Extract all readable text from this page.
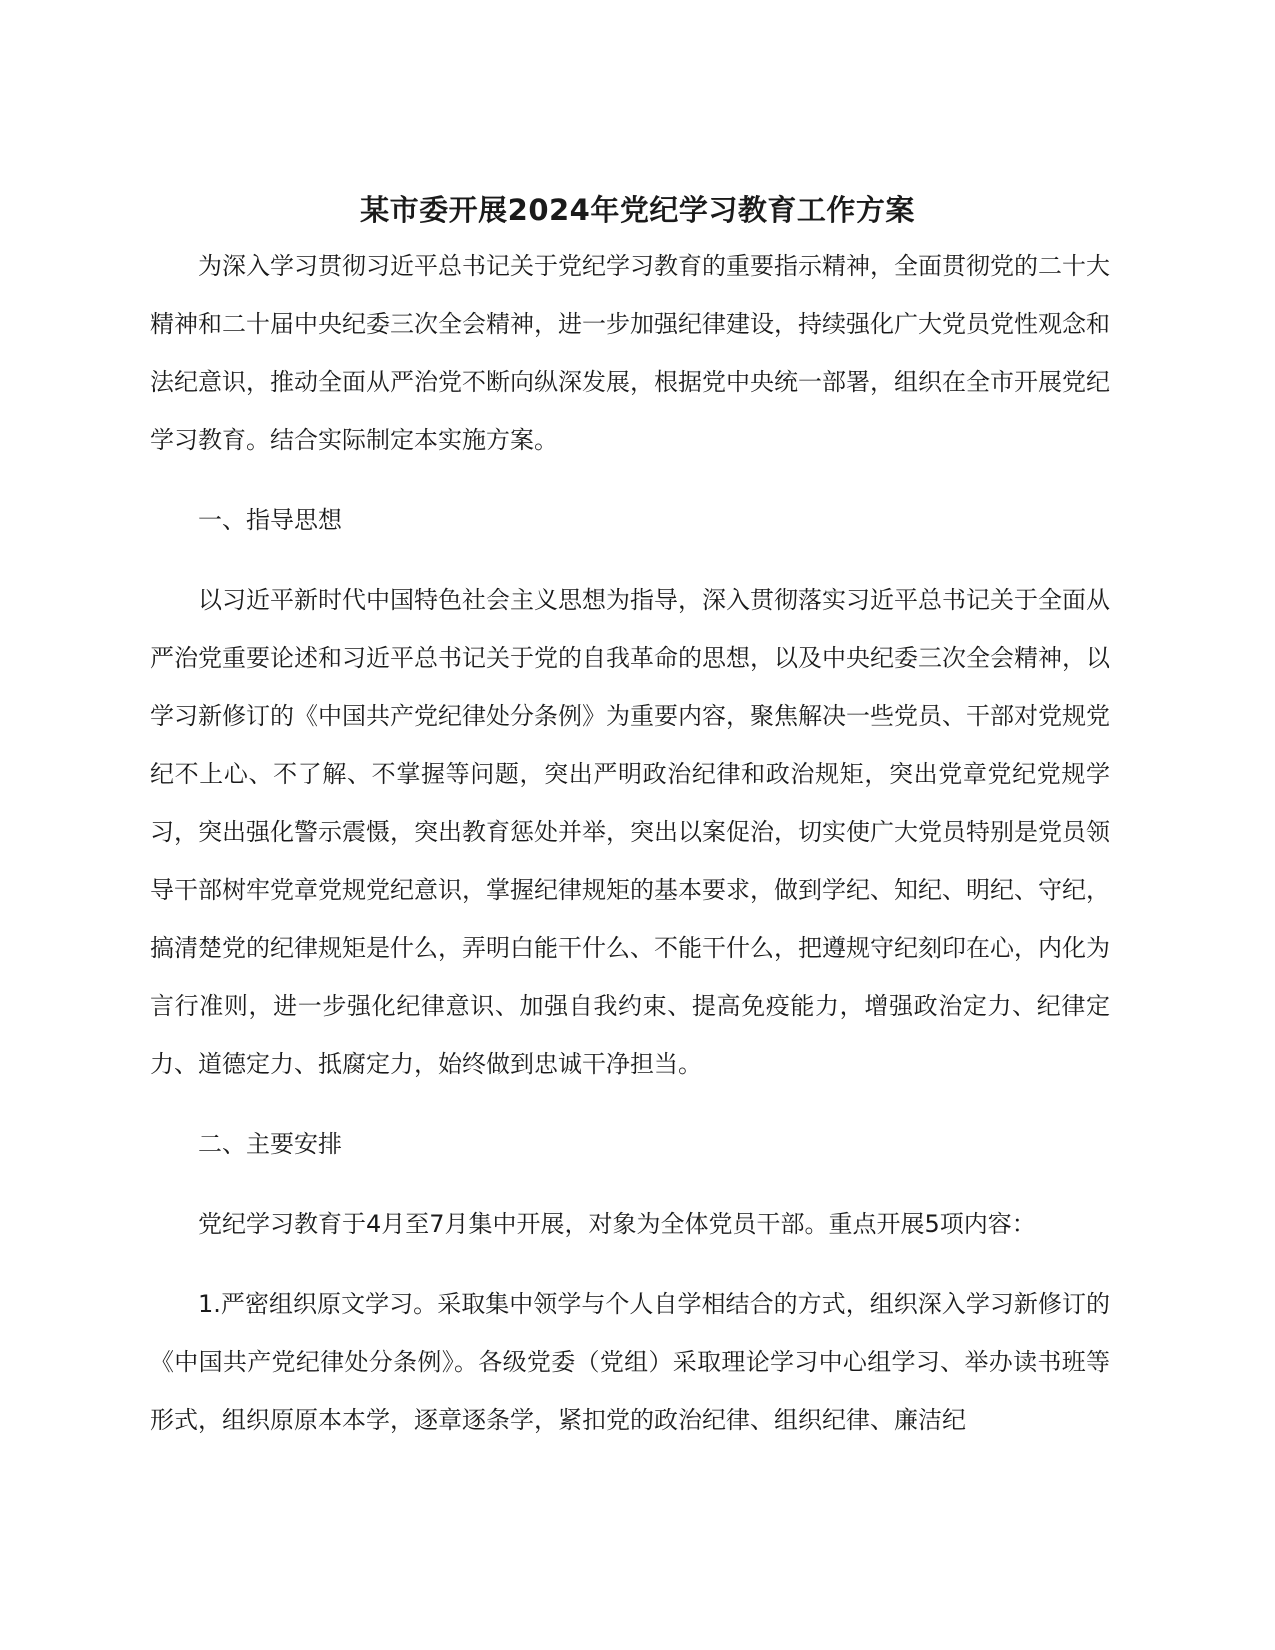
某市委开展2024年党纪学习教育工作方案

为深入学习贯彻习近平总书记关于党纪学习教育的重要指示精神，全面贯彻党的二十大精神和二十届中央纪委三次全会精神，进一步加强纪律建设，持续强化广大党员党性观念和法纪意识，推动全面从严治党不断向纵深发展，根据党中央统一部署，组织在全市开展党纪学习教育。结合实际制定本实施方案。

一、指导思想

以习近平新时代中国特色社会主义思想为指导，深入贯彻落实习近平总书记关于全面从严治党重要论述和习近平总书记关于党的自我革命的思想，以及中央纪委三次全会精神，以学习新修订的《中国共产党纪律处分条例》为重要内容，聚焦解决一些党员、干部对党规党纪不上心、不了解、不掌握等问题，突出严明政治纪律和政治规矩，突出党章党纪党规学习，突出强化警示震慑，突出教育惩处并举，突出以案促治，切实使广大党员特别是党员领导干部树牢党章党规党纪意识，掌握纪律规矩的基本要求，做到学纪、知纪、明纪、守纪，搞清楚党的纪律规矩是什么，弄明白能干什么、不能干什么，把遵规守纪刻印在心，内化为言行准则，进一步强化纪律意识、加强自我约束、提高免疫能力，增强政治定力、纪律定力、道德定力、抵腐定力，始终做到忠诚干净担当。

二、主要安排

党纪学习教育于4月至7月集中开展，对象为全体党员干部。重点开展5项内容：

1.严密组织原文学习。采取集中领学与个人自学相结合的方式，组织深入学习新修订的《中国共产党纪律处分条例》。各级党委（党组）采取理论学习中心组学习、举办读书班等形式，组织原原本本学，逐章逐条学，紧扣党的政治纪律、组织纪律、廉洁纪
